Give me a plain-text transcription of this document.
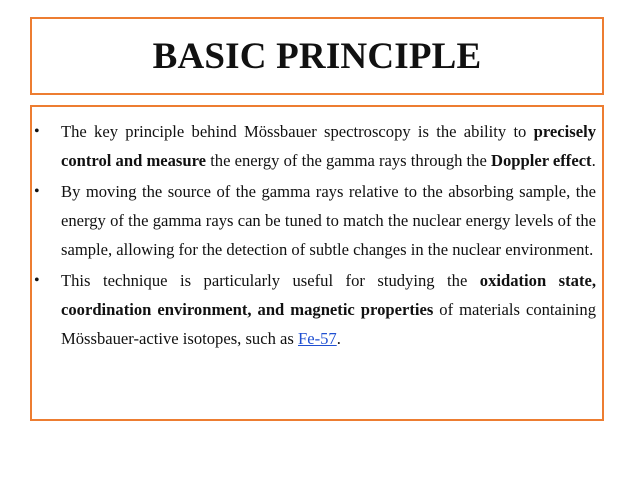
BASIC PRINCIPLE
• The key principle behind Mössbauer spectroscopy is the ability to precisely control and measure the energy of the gamma rays through the Doppler effect.
• By moving the source of the gamma rays relative to the absorbing sample, the energy of the gamma rays can be tuned to match the nuclear energy levels of the sample, allowing for the detection of subtle changes in the nuclear environment.
• This technique is particularly useful for studying the oxidation state, coordination environment, and magnetic properties of materials containing Mössbauer-active isotopes, such as Fe-57.
